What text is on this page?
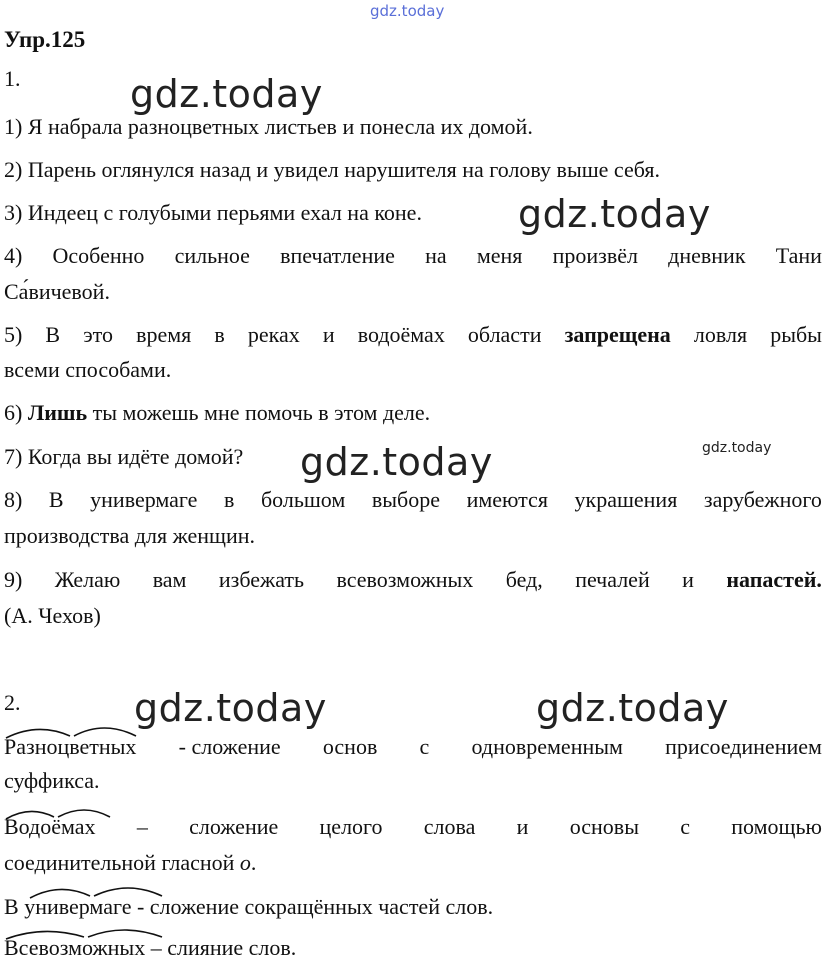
gdz.today
gdz.today
gdz.today
gdz.today
gdz.today
gdz.today	gdz.today
Упр.125
1.
1) Я набрала разноцветных листьев и понесла их домой.
2) Парень оглянулся назад и увидел нарушителя на голову выше себя.
3) Индеец с голубыми перьями ехал на коне.
4) Особенно сильное впечатление на меня произвёл дневник Тани
Са́вичевой.
5) В это время в реках и водоёмах области запрещена ловля рыбы
всеми способами.
6) Лишь ты можешь мне помочь в этом деле.
7) Когда вы идёте домой?
8) В универмаге в большом выборе имеются украшения зарубежного
производства для женщин.
9) Желаю вам избежать всевозможных бед, печалей и напастей.
(А. Чехов)
2.
Разноцветных - сложение основ с одновременным присоединением
суффикса.
Водоёмах – сложение целого слова и основы с помощью
соединительной гласной о.
В универмаге - сложение сокращённых частей слов.
Всевозможных – слияние слов.
